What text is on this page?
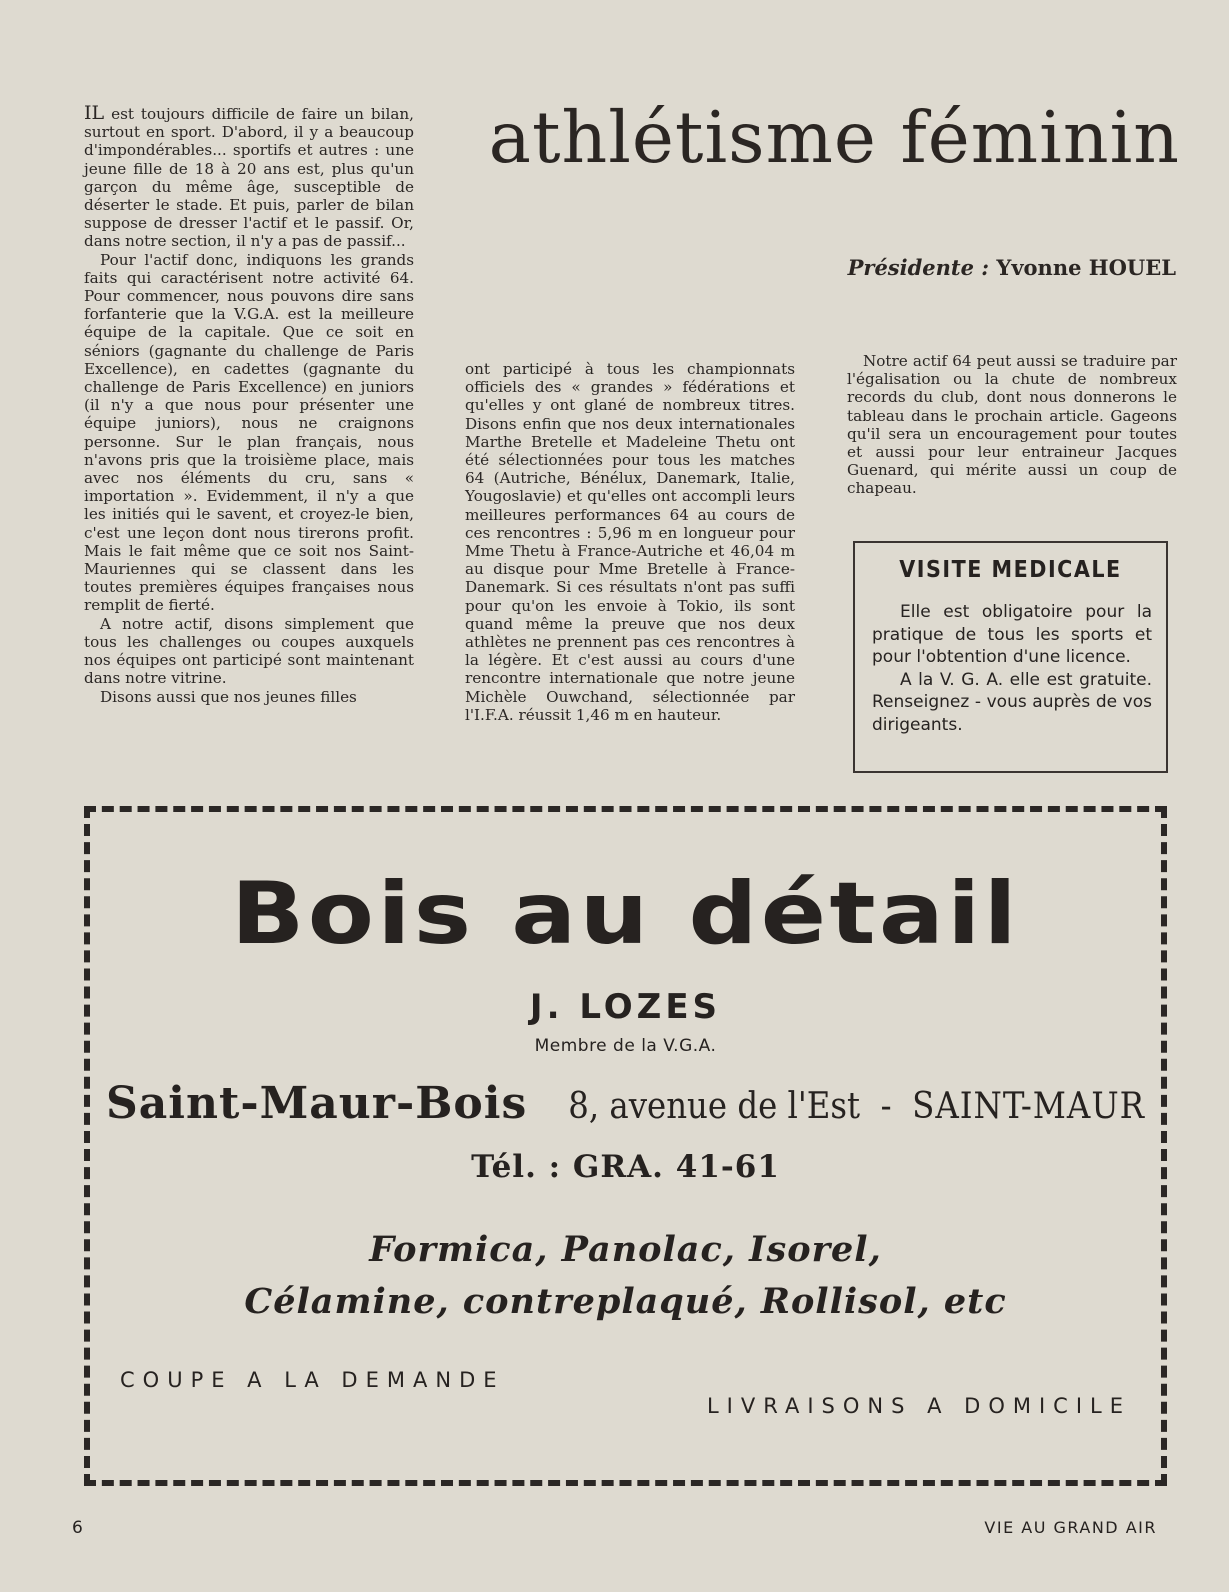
IL est toujours difficile de faire un bilan, surtout en sport. D'abord, il y a beaucoup d'impondérables... sportifs et autres : une jeune fille de 18 à 20 ans est, plus qu'un garçon du même âge, susceptible de déserter le stade. Et puis, parler de bilan suppose de dresser l'actif et le passif. Or, dans notre section, il n'y a pas de passif...

Pour l'actif donc, indiquons les grands faits qui caractérisent notre activité 64. Pour commencer, nous pouvons dire sans forfanterie que la V.G.A. est la meilleure équipe de la capitale. Que ce soit en séniors (gagnante du challenge de Paris Excellence), en cadettes (gagnante du challenge de Paris Excellence) en juniors (il n'y a que nous pour présenter une équipe juniors), nous ne craignons personne. Sur le plan français, nous n'avons pris que la troisième place, mais avec nos éléments du cru, sans « importation ». Evidemment, il n'y a que les initiés qui le savent, et croyez-le bien, c'est une leçon dont nous tirerons profit. Mais le fait même que ce soit nos Saint-Mauriennes qui se classent dans les toutes premières équipes françaises nous remplit de fierté.

A notre actif, disons simplement que tous les challenges ou coupes auxquels nos équipes ont participé sont maintenant dans notre vitrine.

Disons aussi que nos jeunes filles

athlétisme féminin
Présidente : Yvonne HOUEL

ont participé à tous les championnats officiels des « grandes » fédérations et qu'elles y ont glané de nombreux titres. Disons enfin que nos deux internationales Marthe Bretelle et Madeleine Thetu ont été sélectionnées pour tous les matches 64 (Autriche, Bénélux, Danemark, Italie, Yougoslavie) et qu'elles ont accompli leurs meilleures performances 64 au cours de ces rencontres : 5,96 m en longueur pour Mme Thetu à France-Autriche et 46,04 m au disque pour Mme Bretelle à France-Danemark. Si ces résultats n'ont pas suffi pour qu'on les envoie à Tokio, ils sont quand même la preuve que nos deux athlètes ne prennent pas ces rencontres à la légère. Et c'est aussi au cours d'une rencontre internationale que notre jeune Michèle Ouwchand, sélectionnée par l'I.F.A. réussit 1,46 m en hauteur.

Notre actif 64 peut aussi se traduire par l'égalisation ou la chute de nombreux records du club, dont nous donnerons le tableau dans le prochain article. Gageons qu'il sera un encouragement pour toutes et aussi pour leur entraineur Jacques Guenard, qui mérite aussi un coup de chapeau.

VISITE MEDICALE

Elle est obligatoire pour la pratique de tous les sports et pour l'obtention d'une licence.

A la V. G. A. elle est gratuite. Renseignez - vous auprès de vos dirigeants.

Bois au détail
J. LOZES
Membre de la V.G.A.
Saint-Maur-Bois 8, avenue de l'Est - SAINT-MAUR
Tél. : GRA. 41-61
Formica, Panolac, Isorel,
Célamine, contreplaqué, Rollisol, etc
COUPE A LA DEMANDE
LIVRAISONS A DOMICILE
6	VIE AU GRAND AIR
